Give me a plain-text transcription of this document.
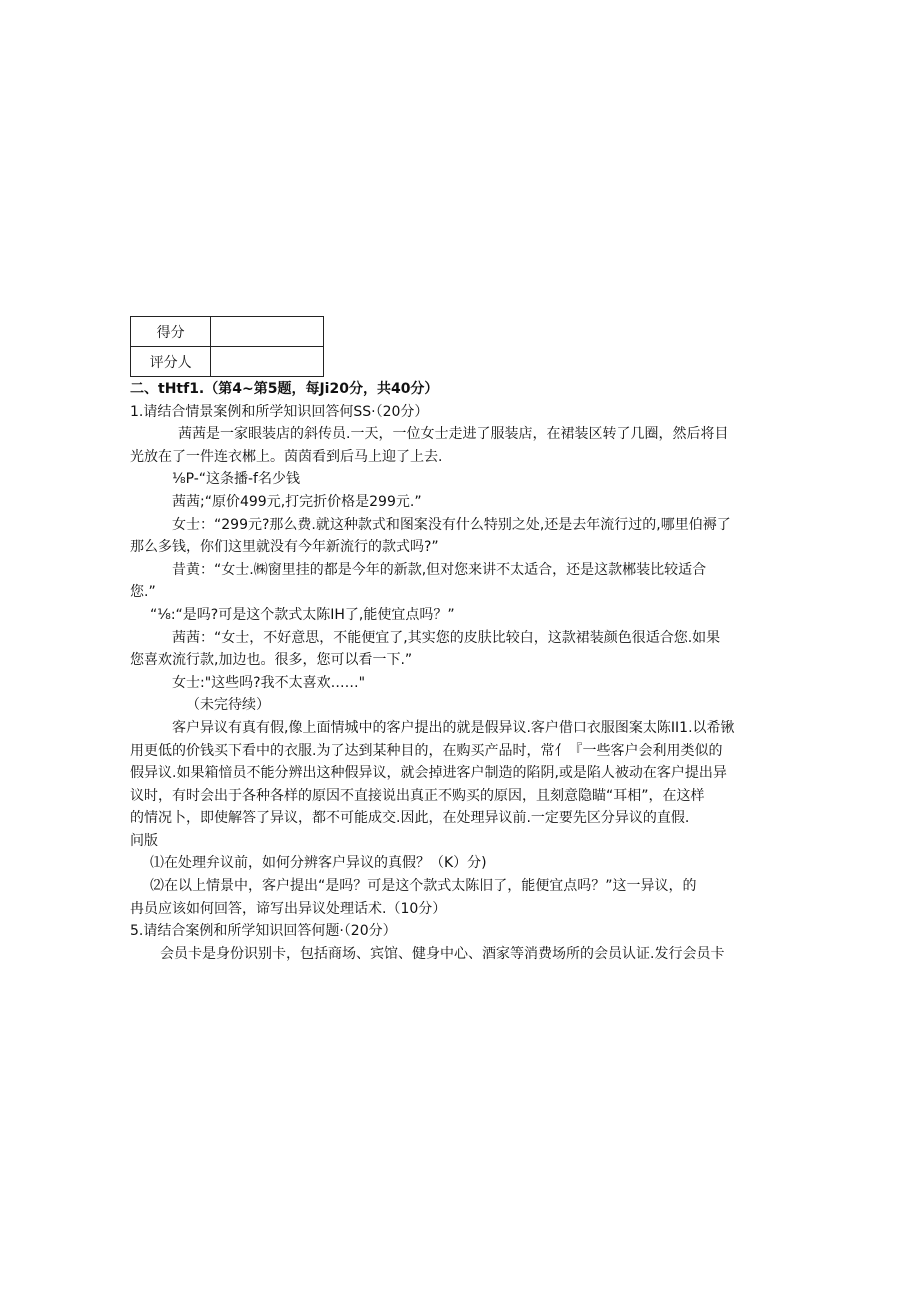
得分	
评分人	
二、tHtf1.（第4~第5题，每Ji20分，共40分）
1.请结合情景案例和所学知识回答何SS·（20分）
茜茜是一家眼装店的斜传员.一天，一位女士走进了服装店，在裙装区转了几圈，然后将目
光放在了一件连衣郴上。茵茵看到后马上迎了上去.
⅛P-“这条播-f名少钱
茜茜;“原价499元,打完折价格是299元.”
女士：“299元?那么费.就这种款式和图案没有什么特别之处,还是去年流行过的,哪里伯褥了
那么多钱，你们这里就没有今年新流行的款式吗?”
昔黄：“女士.㈱窗里挂的都是今年的新款,但对您来讲不太适合，还是这款郴装比较适合
您.”
“⅛:“是吗?可是这个款式太陈IH了,能使宜点吗？”
茜茜：“女士，不好意思，不能便宜了,其实您的皮肤比较白，这款裙装颜色很适合您.如果
您喜欢流行款,加边也。很多，您可以看一下.”
女士:"这些吗?我不太喜欢……"
（未完待续）
客户异议有真有假,像上面情城中的客户提出的就是假异议.客户借口衣服图案太陈II1.以希锹
用更低的价钱买下看中的衣服.为了达到某种目的，在购买产品时，常亻『一些客户会利用类似的
假异议.如果箱愔员不能分辨出这种假异议，就会掉进客户制造的陷阴,或是陷人被动在客户提出异
议时，有时会出于各种各样的原因不直接说出真正不购买的原因，且刻意隐瞄“耳相”，在这样
的情况卜，即使解答了异议，都不可能成交.因此，在处理异议前.一定要先区分异议的直假.
问版
⑴在处理弁议前，如何分辨客户异议的真假？（K）分)
⑵在以上情景中，客户提出“是吗？可是这个款式太陈旧了，能便宜点吗？”这一异议，的
冉员应该如何回答，谛写出异议处理话术.（10分）
5.请结合案例和所学知识回答何题·（20分）
会员卡是身份识别卡，包括商场、宾馆、健身中心、酒家等消费场所的会员认证.发行会员卡
